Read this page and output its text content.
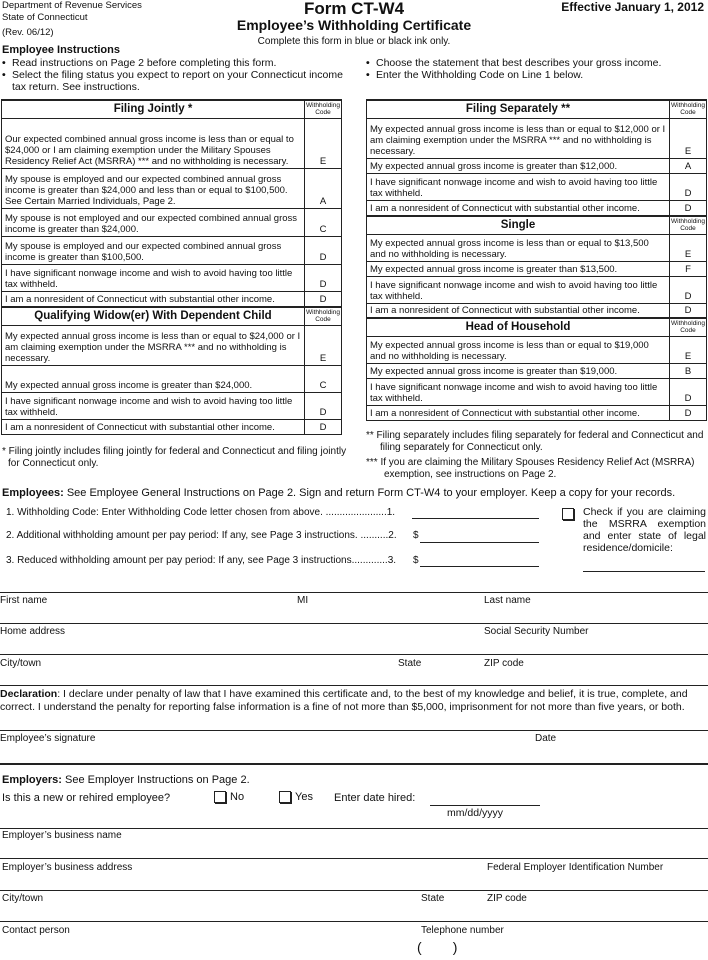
Department of Revenue Services
State of Connecticut
(Rev. 06/12)
Form CT-W4
Employee’s Withholding Certificate
Complete this form in blue or black ink only.
Effective January 1, 2012
Employee Instructions
• Read instructions on Page 2 before completing this form.
• Select the filing status you expect to report on your Connecticut income tax return. See instructions.
• Choose the statement that best describes your gross income.
• Enter the Withholding Code on Line 1 below.
Filing Jointly *	Withholding Code
Our expected combined annual gross income is less than or equal to $24,000 or I am claiming exemption under the Military Spouses Residency Relief Act (MSRRA) *** and no withholding is necessary.	E
My spouse is employed and our expected combined annual gross income is greater than $24,000 and less than or equal to $100,500. See Certain Married Individuals, Page 2.	A
My spouse is not employed and our expected combined annual gross income is greater than $24,000.	C
My spouse is employed and our expected combined annual gross income is greater than $100,500.	D
I have significant nonwage income and wish to avoid having too little tax withheld.	D
I am a nonresident of Connecticut with substantial other income.	D
Qualifying Widow(er) With Dependent Child	Withholding Code
My expected annual gross income is less than or equal to $24,000 or I am claiming exemption under the MSRRA *** and no withholding is necessary.	E
My expected annual gross income is greater than $24,000.	C
I have significant nonwage income and wish to avoid having too little tax withheld.	D
I am a nonresident of Connecticut with substantial other income.	D
Filing Separately **	Withholding Code
My expected annual gross income is less than or equal to $12,000 or I am claiming exemption under the MSRRA *** and no withholding is necessary.	E
My expected annual gross income is greater than $12,000.	A
I have significant nonwage income and wish to avoid having too little tax withheld.	D
I am a nonresident of Connecticut with substantial other income.	D
Single	Withholding Code
My expected annual gross income is less than or equal to $13,500 and no withholding is necessary.	E
My expected annual gross income is greater than $13,500.	F
I have significant nonwage income and wish to avoid having too little tax withheld.	D
I am a nonresident of Connecticut with substantial other income.	D
Head of Household	Withholding Code
My expected annual gross income is less than or equal to $19,000 and no withholding is necessary.	E
My expected annual gross income is greater than $19,000.	B
I have significant nonwage income and wish to avoid having too little tax withheld.	D
I am a nonresident of Connecticut with substantial other income.	D
* Filing jointly includes filing jointly for federal and Connecticut and filing jointly for Connecticut only.
** Filing separately includes filing separately for federal and Connecticut and filing separately for Connecticut only.
*** If you are claiming the Military Spouses Residency Relief Act (MSRRA) exemption, see instructions on Page 2.
Employees: See Employee General Instructions on Page 2. Sign and return Form CT-W4 to your employer. Keep a copy for your records.
1. Withholding Code: Enter Withholding Code letter chosen from above. ......................1.
2. Additional withholding amount per pay period: If any, see Page 3 instructions. ..........2. $
3. Reduced withholding amount per pay period: If any, see Page 3 instructions.............3. $
Check if you are claiming the MSRRA exemption and enter state of legal residence/domicile:
First name	MI	Last name
Home address	Social Security Number
City/town	State	ZIP code
Declaration: I declare under penalty of law that I have examined this certificate and, to the best of my knowledge and belief, it is true, complete, and correct. I understand the penalty for reporting false information is a fine of not more than $5,000, imprisonment for not more than five years, or both.
Employee’s signature	Date
Employers: See Employer Instructions on Page 2.
Is this a new or rehired employee?	No	Yes Enter date hired:
mm/dd/yyyy
Employer’s business name
Employer’s business address	Federal Employer Identification Number
City/town	State	ZIP code
Contact person	Telephone number
(        )
